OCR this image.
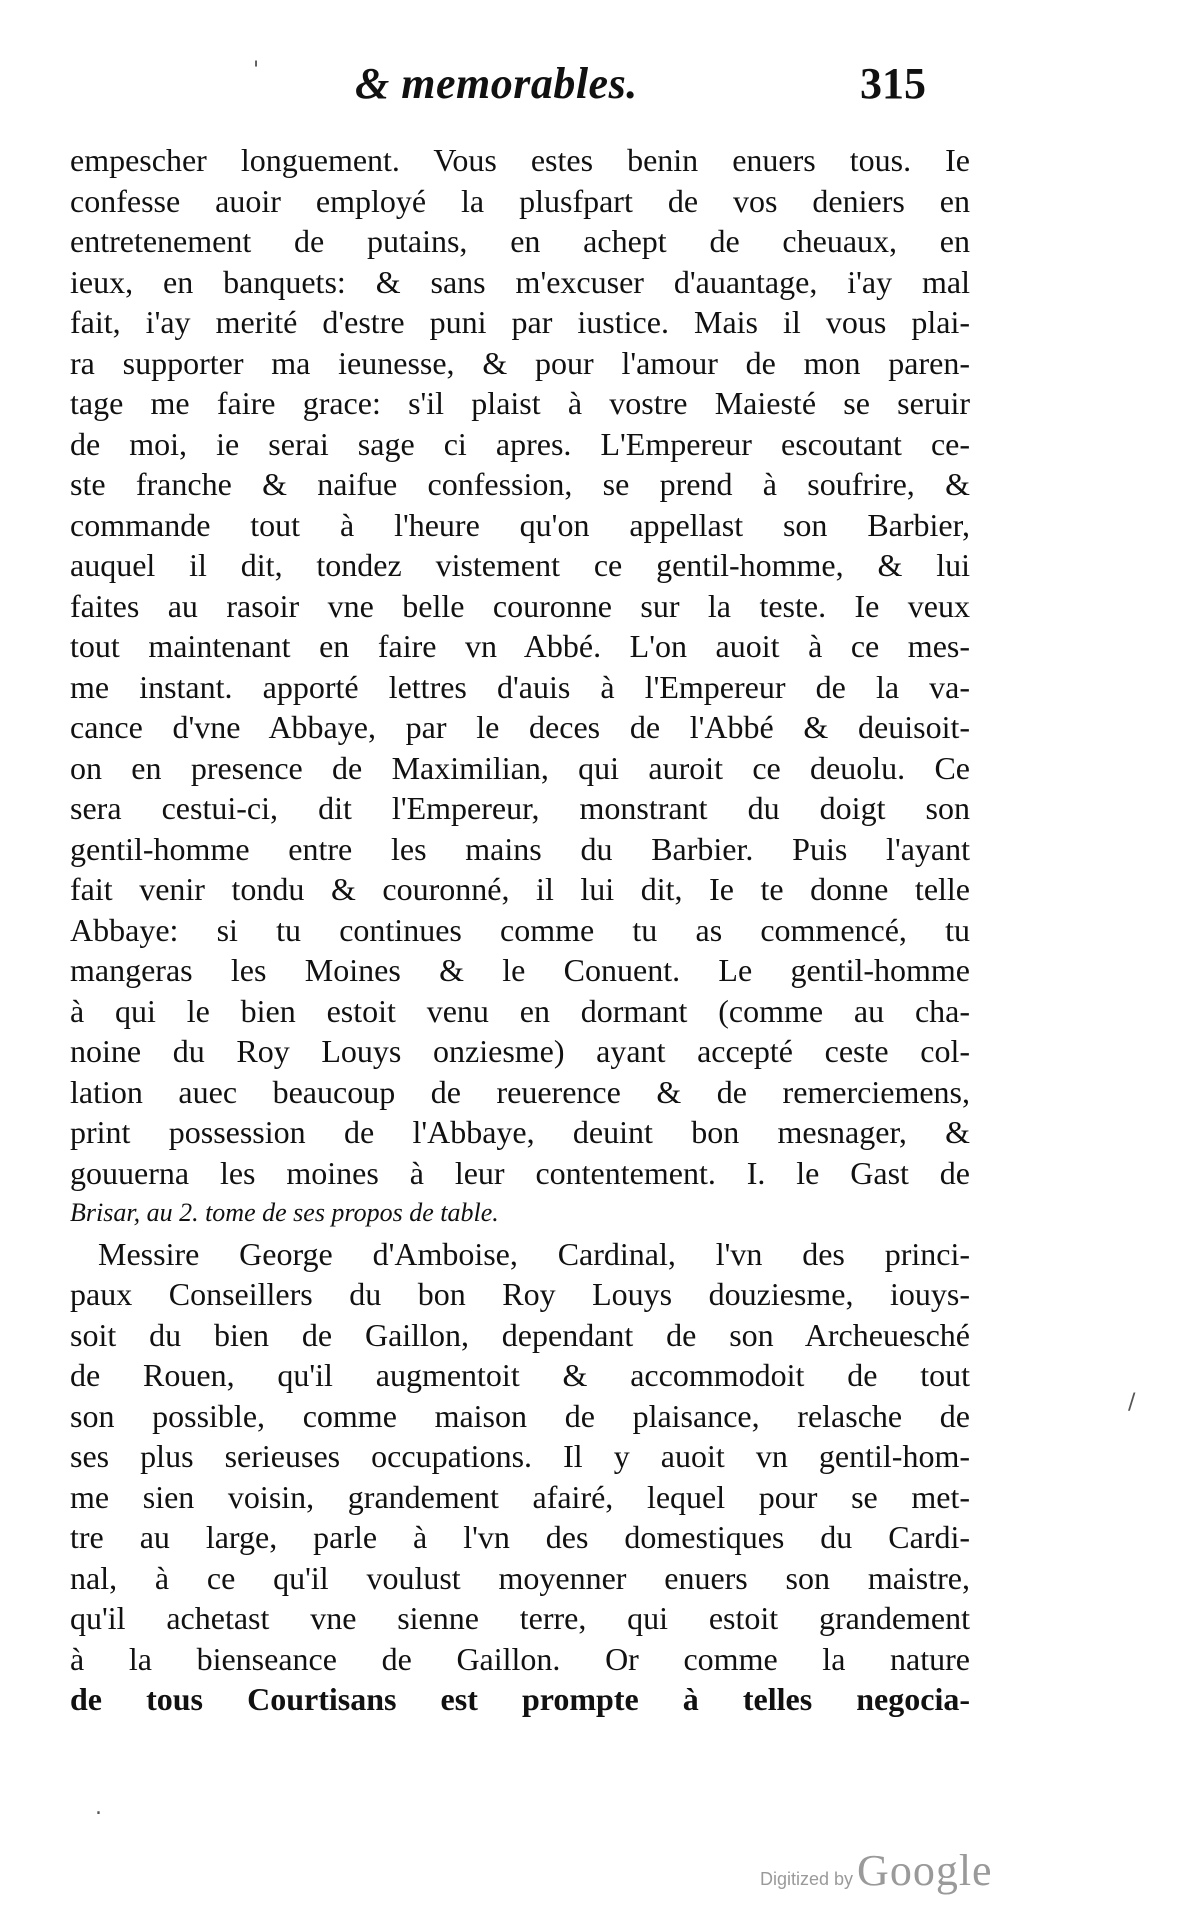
& memorables.	315
empescher longuement. Vous estes benin enuers tous. Ie
confesse auoir employé la plusfpart de vos deniers en
entretenement de putains, en achept de cheuaux, en
ieux, en banquets: & sans m'excuser d'auantage, i'ay mal
fait, i'ay merité d'estre puni par iustice. Mais il vous plai-
ra supporter ma ieunesse, & pour l'amour de mon paren-
tage me faire grace: s'il plaist à vostre Maiesté se seruir
de moi, ie serai sage ci apres. L'Empereur escoutant ce-
ste franche & naifue confession, se prend à soufrire, &
commande tout à l'heure qu'on appellast son Barbier,
auquel il dit, tondez vistement ce gentil-homme, & lui
faites au rasoir vne belle couronne sur la teste. Ie veux
tout maintenant en faire vn Abbé. L'on auoit à ce mes-
me instant. apporté lettres d'auis à l'Empereur de la va-
cance d'vne Abbaye, par le deces de l'Abbé & deuisoit-
on en presence de Maximilian, qui auroit ce deuolu. Ce
sera cestui-ci, dit l'Empereur, monstrant du doigt son
gentil-homme entre les mains du Barbier. Puis l'ayant
fait venir tondu & couronné, il lui dit, Ie te donne telle
Abbaye: si tu continues comme tu as commencé, tu
mangeras les Moines & le Conuent. Le gentil-homme
à qui le bien estoit venu en dormant (comme au cha-
noine du Roy Louys onziesme) ayant accepté ceste col-
lation auec beaucoup de reuerence & de remerciemens,
print possession de l'Abbaye, deuint bon mesnager, &
gouuerna les moines à leur contentement. I. le Gast de
Brisar, au 2. tome de ses propos de table.
Messire George d'Amboise, Cardinal, l'vn des princi-
paux Conseillers du bon Roy Louys douziesme, iouys-
soit du bien de Gaillon, dependant de son Archeuesché
de Rouen, qu'il augmentoit & accommodoit de tout
son possible, comme maison de plaisance, relasche de
ses plus serieuses occupations. Il y auoit vn gentil-hom-
me sien voisin, grandement afairé, lequel pour se met-
tre au large, parle à l'vn des domestiques du Cardi-
nal, à ce qu'il voulust moyenner enuers son maistre,
qu'il achetast vne sienne terre, qui estoit grandement
à la bienseance de Gaillon. Or comme la nature
de tous Courtisans est prompte à telles negocia-
'
/
.
Digitized by Google
